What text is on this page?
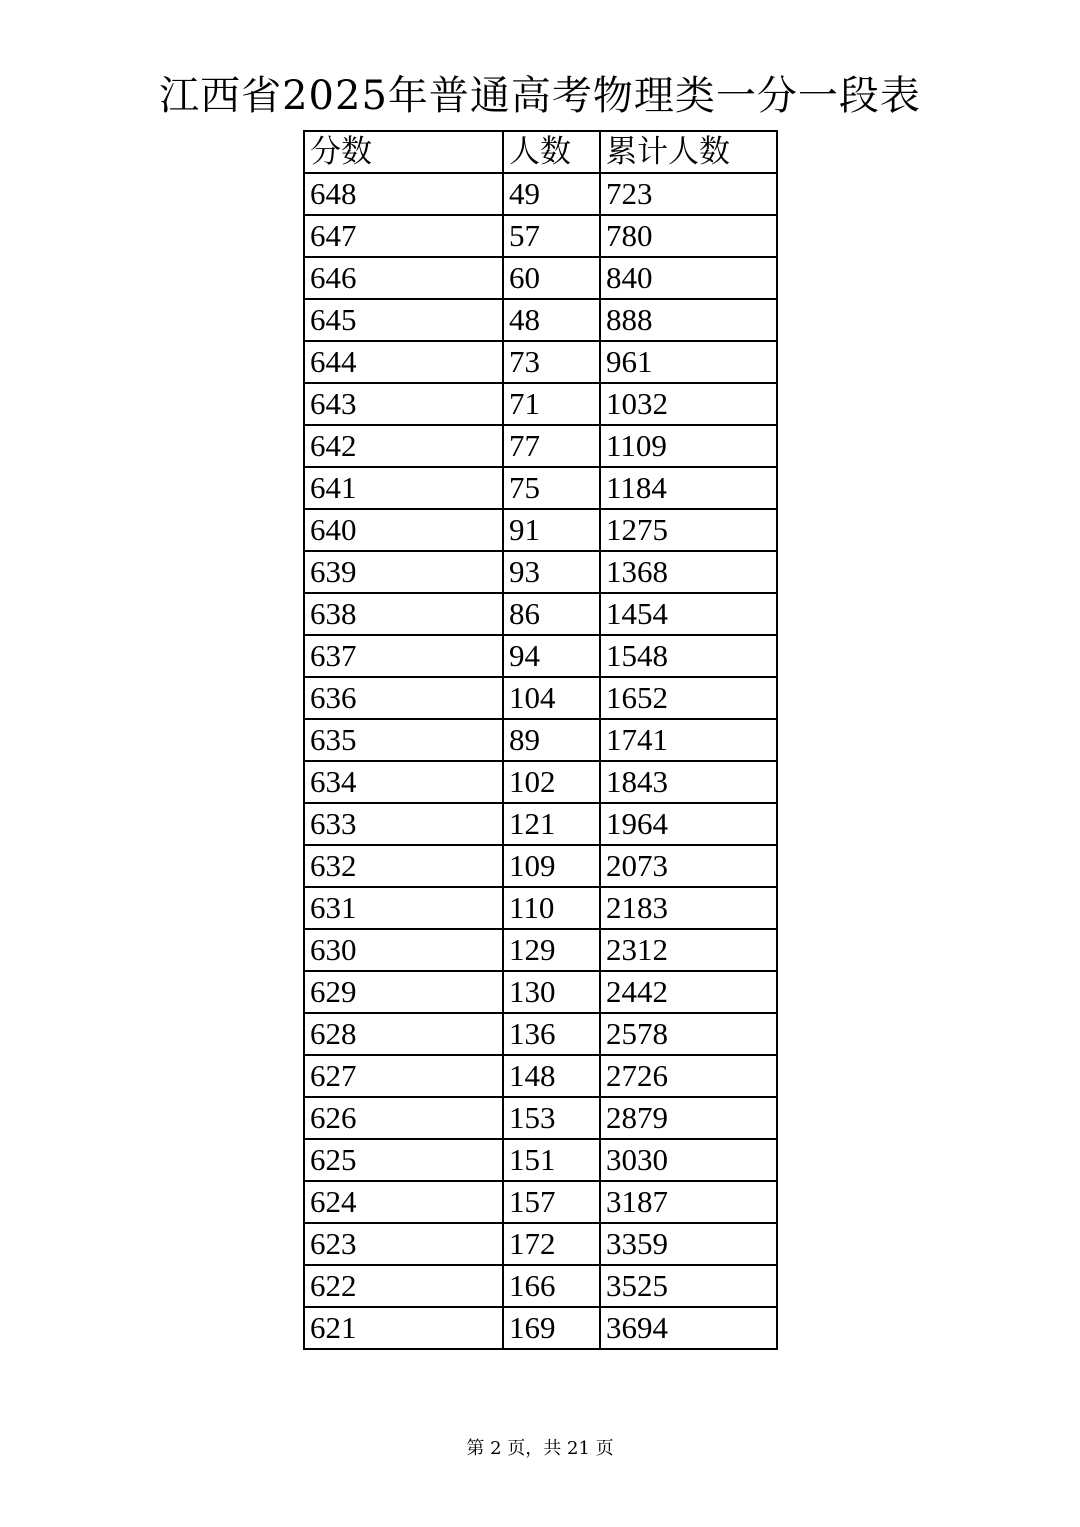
江西省2025年普通高考物理类一分一段表
分数	人数	累计人数
648	49	723
647	57	780
646	60	840
645	48	888
644	73	961
643	71	1032
642	77	1109
641	75	1184
640	91	1275
639	93	1368
638	86	1454
637	94	1548
636	104	1652
635	89	1741
634	102	1843
633	121	1964
632	109	2073
631	110	2183
630	129	2312
629	130	2442
628	136	2578
627	148	2726
626	153	2879
625	151	3030
624	157	3187
623	172	3359
622	166	3525
621	169	3694
第 2 页，共 21 页
